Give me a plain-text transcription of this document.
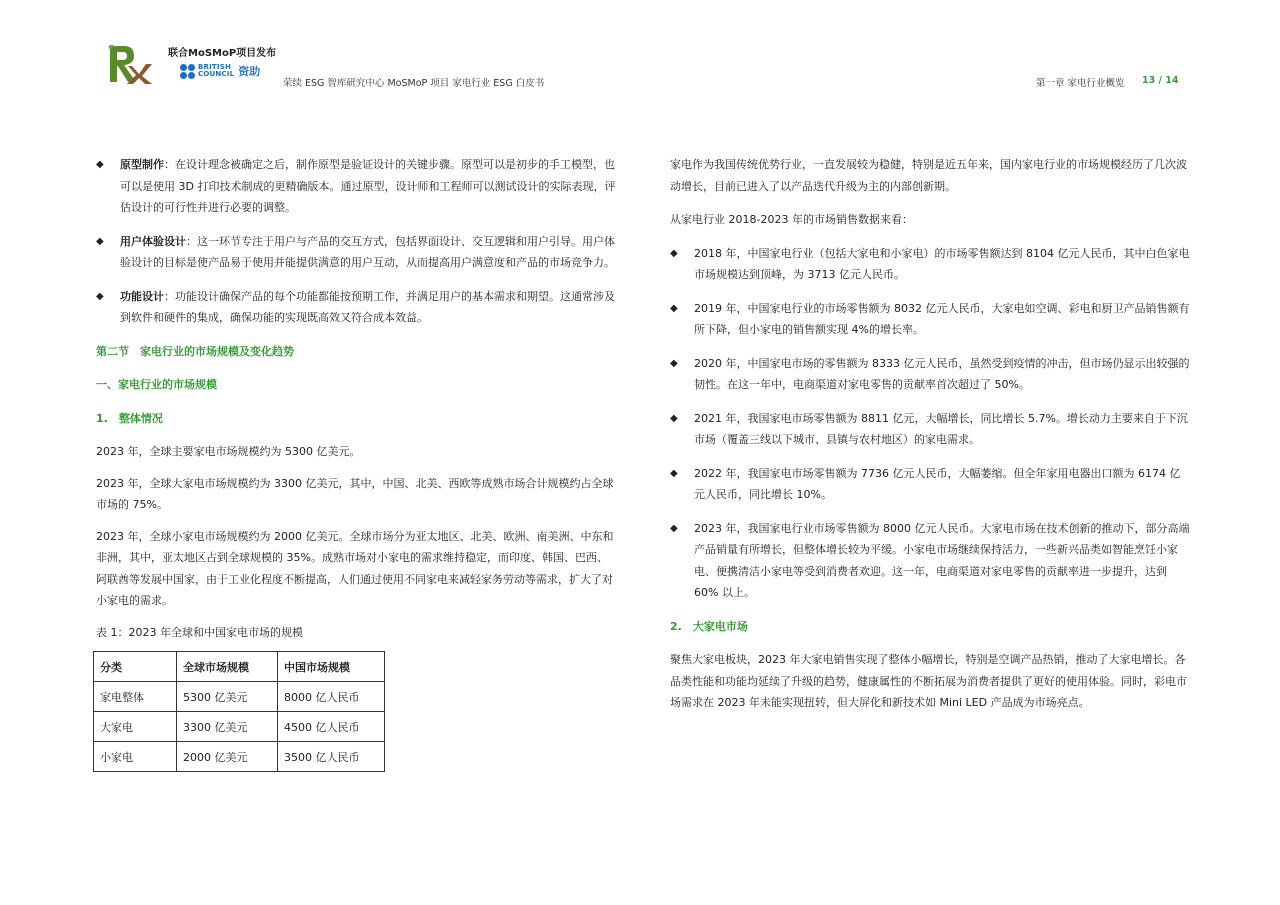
联合MoSMoP项目发布
BRITISH
COUNCIL 资助
荣续 ESG 智库研究中心 MoSMoP 项目 家电行业 ESG 白皮书	第一章 家电行业概览 13 / 14
◆ 原型制作：在设计理念被确定之后，制作原型是验证设计的关键步骤。原型可以是初步的手工模型，也可以是使用 3D 打印技术制成的更精确版本。通过原型，设计师和工程师可以测试设计的实际表现，评估设计的可行性并进行必要的调整。
◆ 用户体验设计：这一环节专注于用户与产品的交互方式，包括界面设计、交互逻辑和用户引导。用户体验设计的目标是使产品易于使用并能提供满意的用户互动，从而提高用户满意度和产品的市场竞争力。
◆ 功能设计：功能设计确保产品的每个功能都能按预期工作，并满足用户的基本需求和期望。这通常涉及到软件和硬件的集成，确保功能的实现既高效又符合成本效益。
第二节　家电行业的市场规模及变化趋势
一、家电行业的市场规模
1.　整体情况

2023 年，全球主要家电市场规模约为 5300 亿美元。

2023 年，全球大家电市场规模约为 3300 亿美元，其中，中国、北美、西欧等成熟市场合计规模约占全球市场的 75%。

2023 年，全球小家电市场规模约为 2000 亿美元。全球市场分为亚太地区、北美、欧洲、南美洲、中东和非洲，其中，亚太地区占到全球规模的 35%。成熟市场对小家电的需求维持稳定，而印度、韩国、巴西、阿联酋等发展中国家，由于工业化程度不断提高，人们通过使用不同家电来减轻家务劳动等需求，扩大了对小家电的需求。

表 1：2023 年全球和中国家电市场的规模

分类	全球市场规模	中国市场规模
家电整体	5300 亿美元	8000 亿人民币
大家电	3300 亿美元	4500 亿人民币
小家电	2000 亿美元	3500 亿人民币

家电作为我国传统优势行业，一直发展较为稳健，特别是近五年来，国内家电行业的市场规模经历了几次波动增长，目前已进入了以产品迭代升级为主的内部创新期。

从家电行业 2018-2023 年的市场销售数据来看：

◆ 2018 年，中国家电行业（包括大家电和小家电）的市场零售额达到 8104 亿元人民币，其中白色家电市场规模达到顶峰，为 3713 亿元人民币。
◆ 2019 年，中国家电行业的市场零售额为 8032 亿元人民币，大家电如空调、彩电和厨卫产品销售额有所下降，但小家电的销售额实现 4%的增长率。
◆ 2020 年，中国家电市场的零售额为 8333 亿元人民币，虽然受到疫情的冲击，但市场仍显示出较强的韧性。在这一年中，电商渠道对家电零售的贡献率首次超过了 50%。
◆ 2021 年，我国家电市场零售额为 8811 亿元，大幅增长，同比增长 5.7%。增长动力主要来自于下沉市场（覆盖三线以下城市、县镇与农村地区）的家电需求。
◆ 2022 年，我国家电市场零售额为 7736 亿元人民币，大幅萎缩。但全年家用电器出口额为 6174 亿元人民币，同比增长 10%。
◆ 2023 年，我国家电行业市场零售额为 8000 亿元人民币。大家电市场在技术创新的推动下，部分高端产品销量有所增长，但整体增长较为平缓。小家电市场继续保持活力，一些新兴品类如智能烹饪小家电、便携清洁小家电等受到消费者欢迎。这一年，电商渠道对家电零售的贡献率进一步提升，达到60% 以上。
2.　大家电市场

聚焦大家电板块，2023 年大家电销售实现了整体小幅增长，特别是空调产品热销，推动了大家电增长。各品类性能和功能均延续了升级的趋势，健康属性的不断拓展为消费者提供了更好的使用体验。同时，彩电市场需求在 2023 年未能实现扭转，但大屏化和新技术如 Mini LED 产品成为市场亮点。
